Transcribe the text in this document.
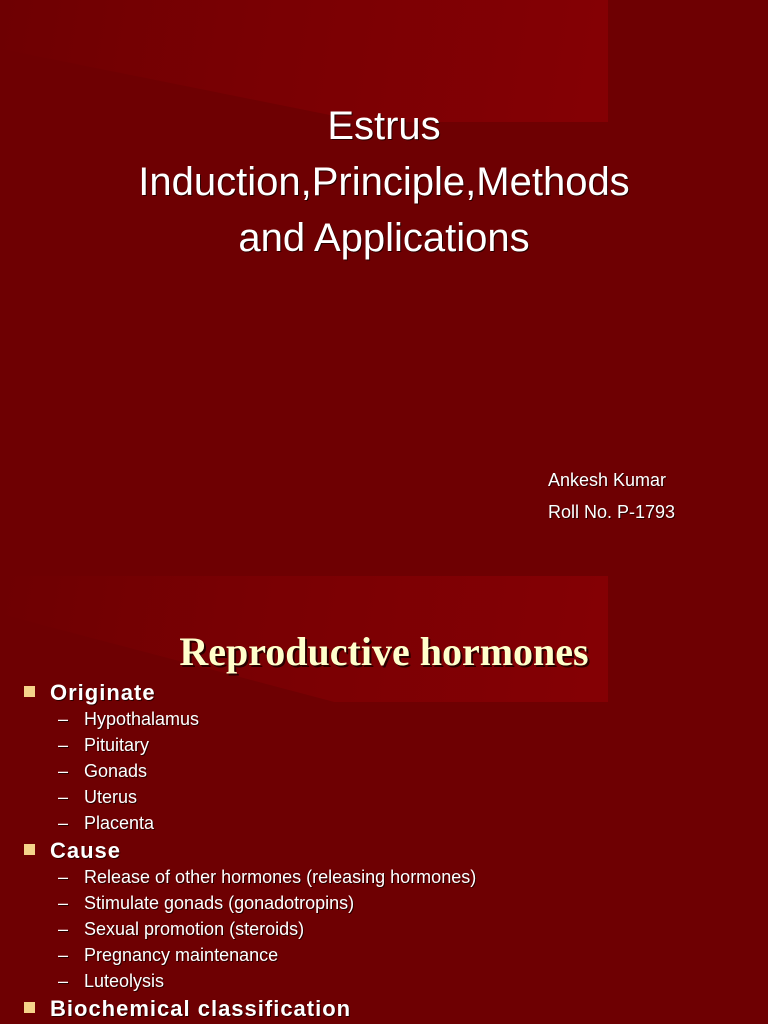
Estrus
Induction,Principle,Methods
and Applications
Ankesh Kumar
Roll No. P-1793
Reproductive hormones
Originate
– Hypothalamus
– Pituitary
– Gonads
– Uterus
– Placenta
Cause
– Release of other hormones (releasing hormones)
– Stimulate gonads (gonadotropins)
– Sexual promotion (steroids)
– Pregnancy maintenance
– Luteolysis
Biochemical classification
